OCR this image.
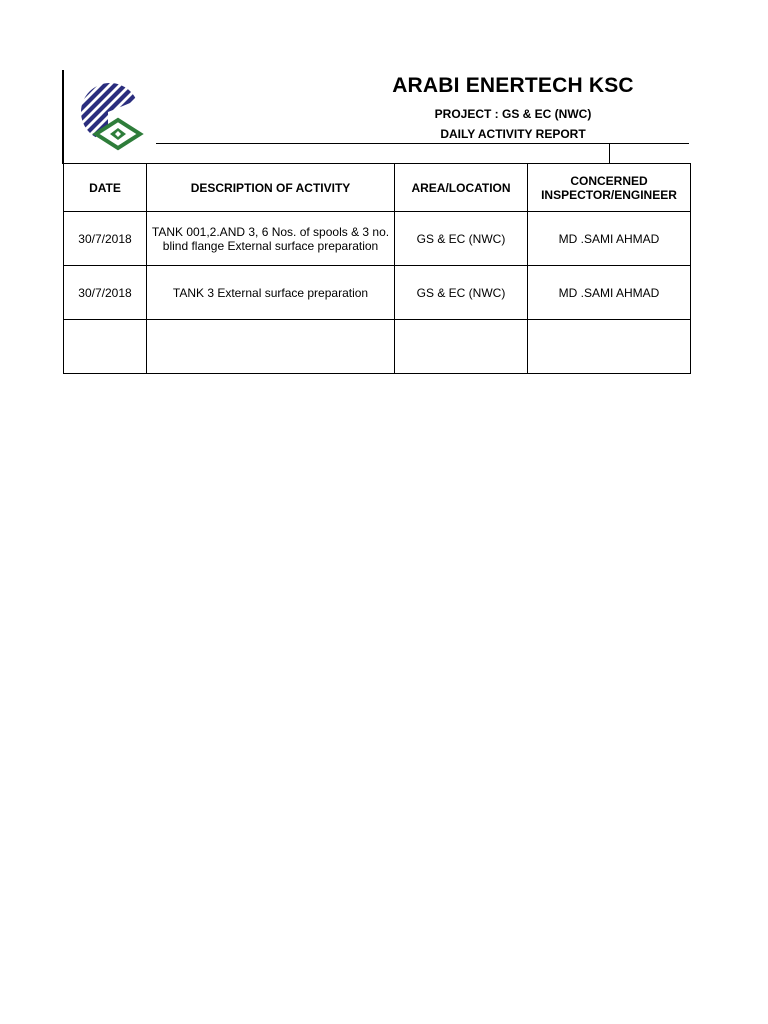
ARABI ENERTECH KSC
PROJECT : GS & EC (NWC)
DAILY ACTIVITY REPORT
DATE	DESCRIPTION OF ACTIVITY	AREA/LOCATION	CONCERNED INSPECTOR/ENGINEER
30/7/2018	TANK 001,2.AND 3, 6 Nos. of spools & 3 no. blind flange External surface preparation	GS & EC (NWC)	MD .SAMI AHMAD
30/7/2018	TANK 3 External surface preparation	GS & EC (NWC)	MD .SAMI AHMAD
